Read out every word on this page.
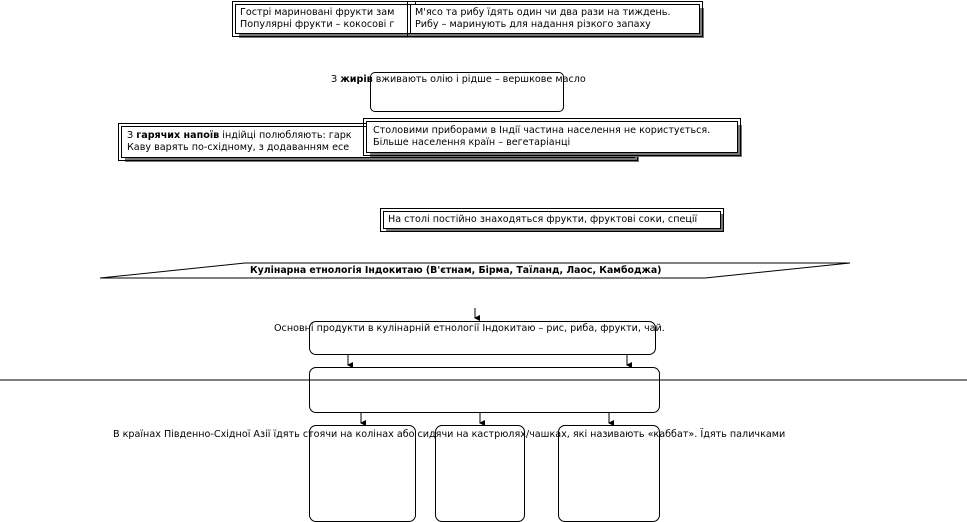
Гострі мариновані фрукти зам
Популярні фрукти – кокосові г
М'ясо та рибу їдять один чи два рази на тиждень.
Рибу – маринують для надання різкого запаху
З жирів вживають олію і рідше – вершкове масло
З гарячих напоїв індійці полюбляють: гарк
Каву варять по-східному, з додаванням есе
Столовими приборами в Індії частина населення не користується.
Більше населення країн – вегетаріанці
На столі постійно знаходяться фрукти, фруктові соки, спеції
Кулінарна етнологія Індокитаю (В'єтнам, Бірма, Таїланд, Лаос, Камбоджа)
Основні продукти в кулінарній етнології Індокитаю – рис, риба, фрукти, чай.
В країнах Південно-Східної Азії їдять стоячи на колінах або сидячи на кастрюлях/чашках, які називають «каббат». Їдять паличками
